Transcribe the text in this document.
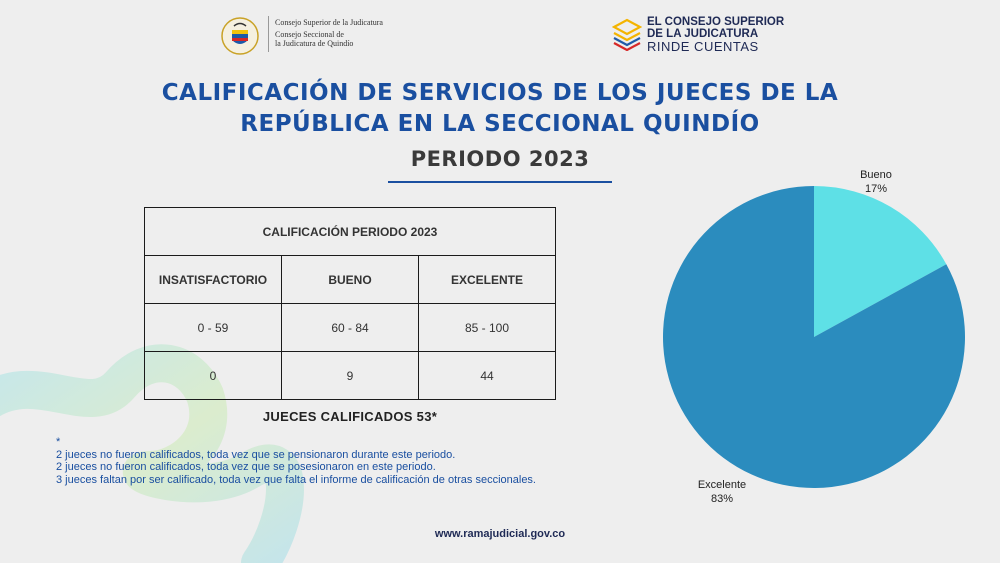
Consejo Superior de la Judicatura
Consejo Seccional de
la Judicatura de Quindío
EL CONSEJO SUPERIOR
DE LA JUDICATURA
RINDE CUENTAS
CALIFICACIÓN DE SERVICIOS DE LOS JUECES DE LA
REPÚBLICA EN LA SECCIONAL QUINDÍO
PERIODO 2023
CALIFICACIÓN PERIODO 2023		
INSATISFACTORIO	BUENO	EXCELENTE
0 - 59	60 - 84	85 - 100
0	9	44
JUECES CALIFICADOS 53*
*
2 jueces no fueron calificados, toda vez que se pensionaron durante este periodo.
2 jueces no fueron calificados, toda vez que se posesionaron en este periodo.
3 jueces faltan por ser calificado, toda vez que falta el informe de calificación de otras seccionales.
www.ramajudicial.gov.co
Bueno
17%
Excelente
83%
